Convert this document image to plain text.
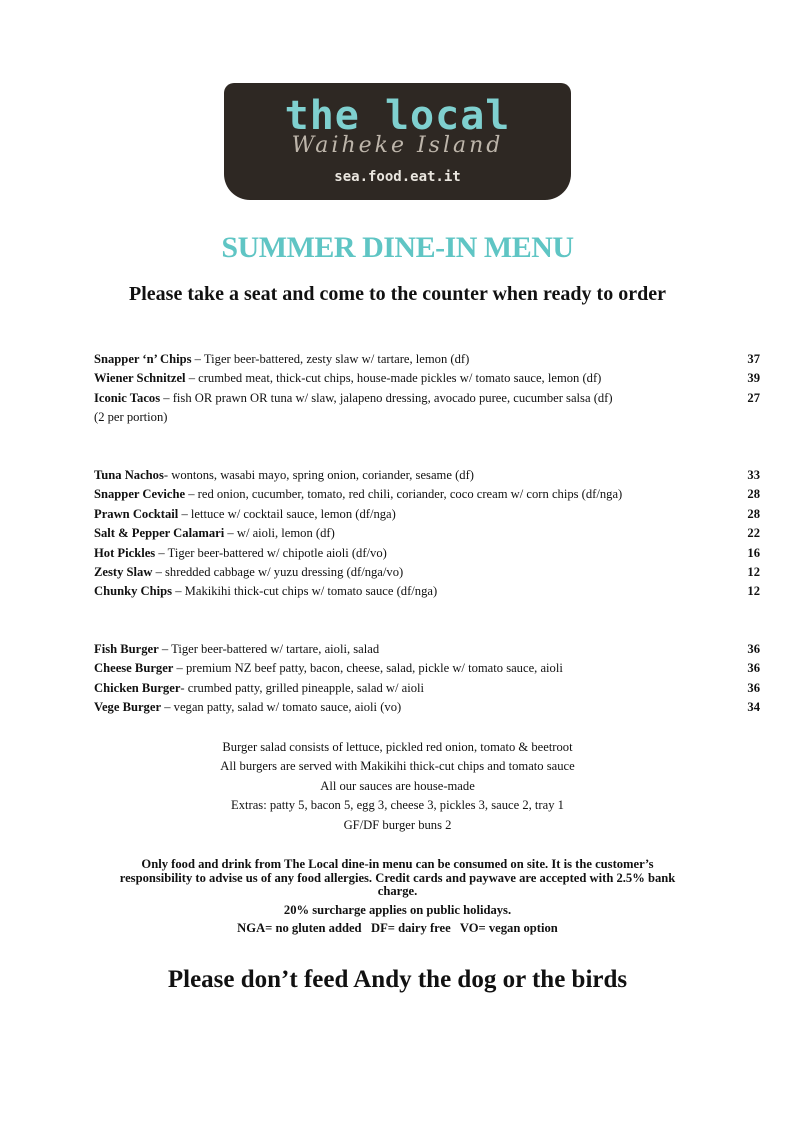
the local
Waiheke Island
sea.food.eat.it
SUMMER DINE-IN MENU
Please take a seat and come to the counter when ready to order
Snapper ‘n’ Chips – Tiger beer-battered, zesty slaw w/ tartare, lemon (df)	37
Wiener Schnitzel – crumbed meat, thick-cut chips, house-made pickles w/ tomato sauce, lemon (df)	39
Iconic Tacos – fish OR prawn OR tuna w/ slaw, jalapeno dressing, avocado puree, cucumber salsa (df)	27
(2 per portion)
Tuna Nachos- wontons, wasabi mayo, spring onion, coriander, sesame (df)	33
Snapper Ceviche – red onion, cucumber, tomato, red chili, coriander, coco cream w/ corn chips (df/nga)	28
Prawn Cocktail – lettuce w/ cocktail sauce, lemon (df/nga)	28
Salt & Pepper Calamari – w/ aioli, lemon (df)	22
Hot Pickles – Tiger beer-battered w/ chipotle aioli (df/vo)	16
Zesty Slaw – shredded cabbage w/ yuzu dressing (df/nga/vo)	12
Chunky Chips – Makikihi thick-cut chips w/ tomato sauce (df/nga)	12
Fish Burger – Tiger beer-battered w/ tartare, aioli, salad	36
Cheese Burger – premium NZ beef patty, bacon, cheese, salad, pickle w/ tomato sauce, aioli	36
Chicken Burger- crumbed patty, grilled pineapple, salad w/ aioli	36
Vege Burger – vegan patty, salad w/ tomato sauce, aioli (vo)	34
Burger salad consists of lettuce, pickled red onion, tomato & beetroot
All burgers are served with Makikihi thick-cut chips and tomato sauce
All our sauces are house-made
Extras: patty 5, bacon 5, egg 3, cheese 3, pickles 3, sauce 2, tray 1
GF/DF burger buns 2
Only food and drink from The Local dine-in menu can be consumed on site. It is the customer’s responsibility to advise us of any food allergies. Credit cards and paywave are accepted with 2.5% bank charge.
20% surcharge applies on public holidays.
NGA= no gluten added   DF= dairy free   VO= vegan option
Please don’t feed Andy the dog or the birds
